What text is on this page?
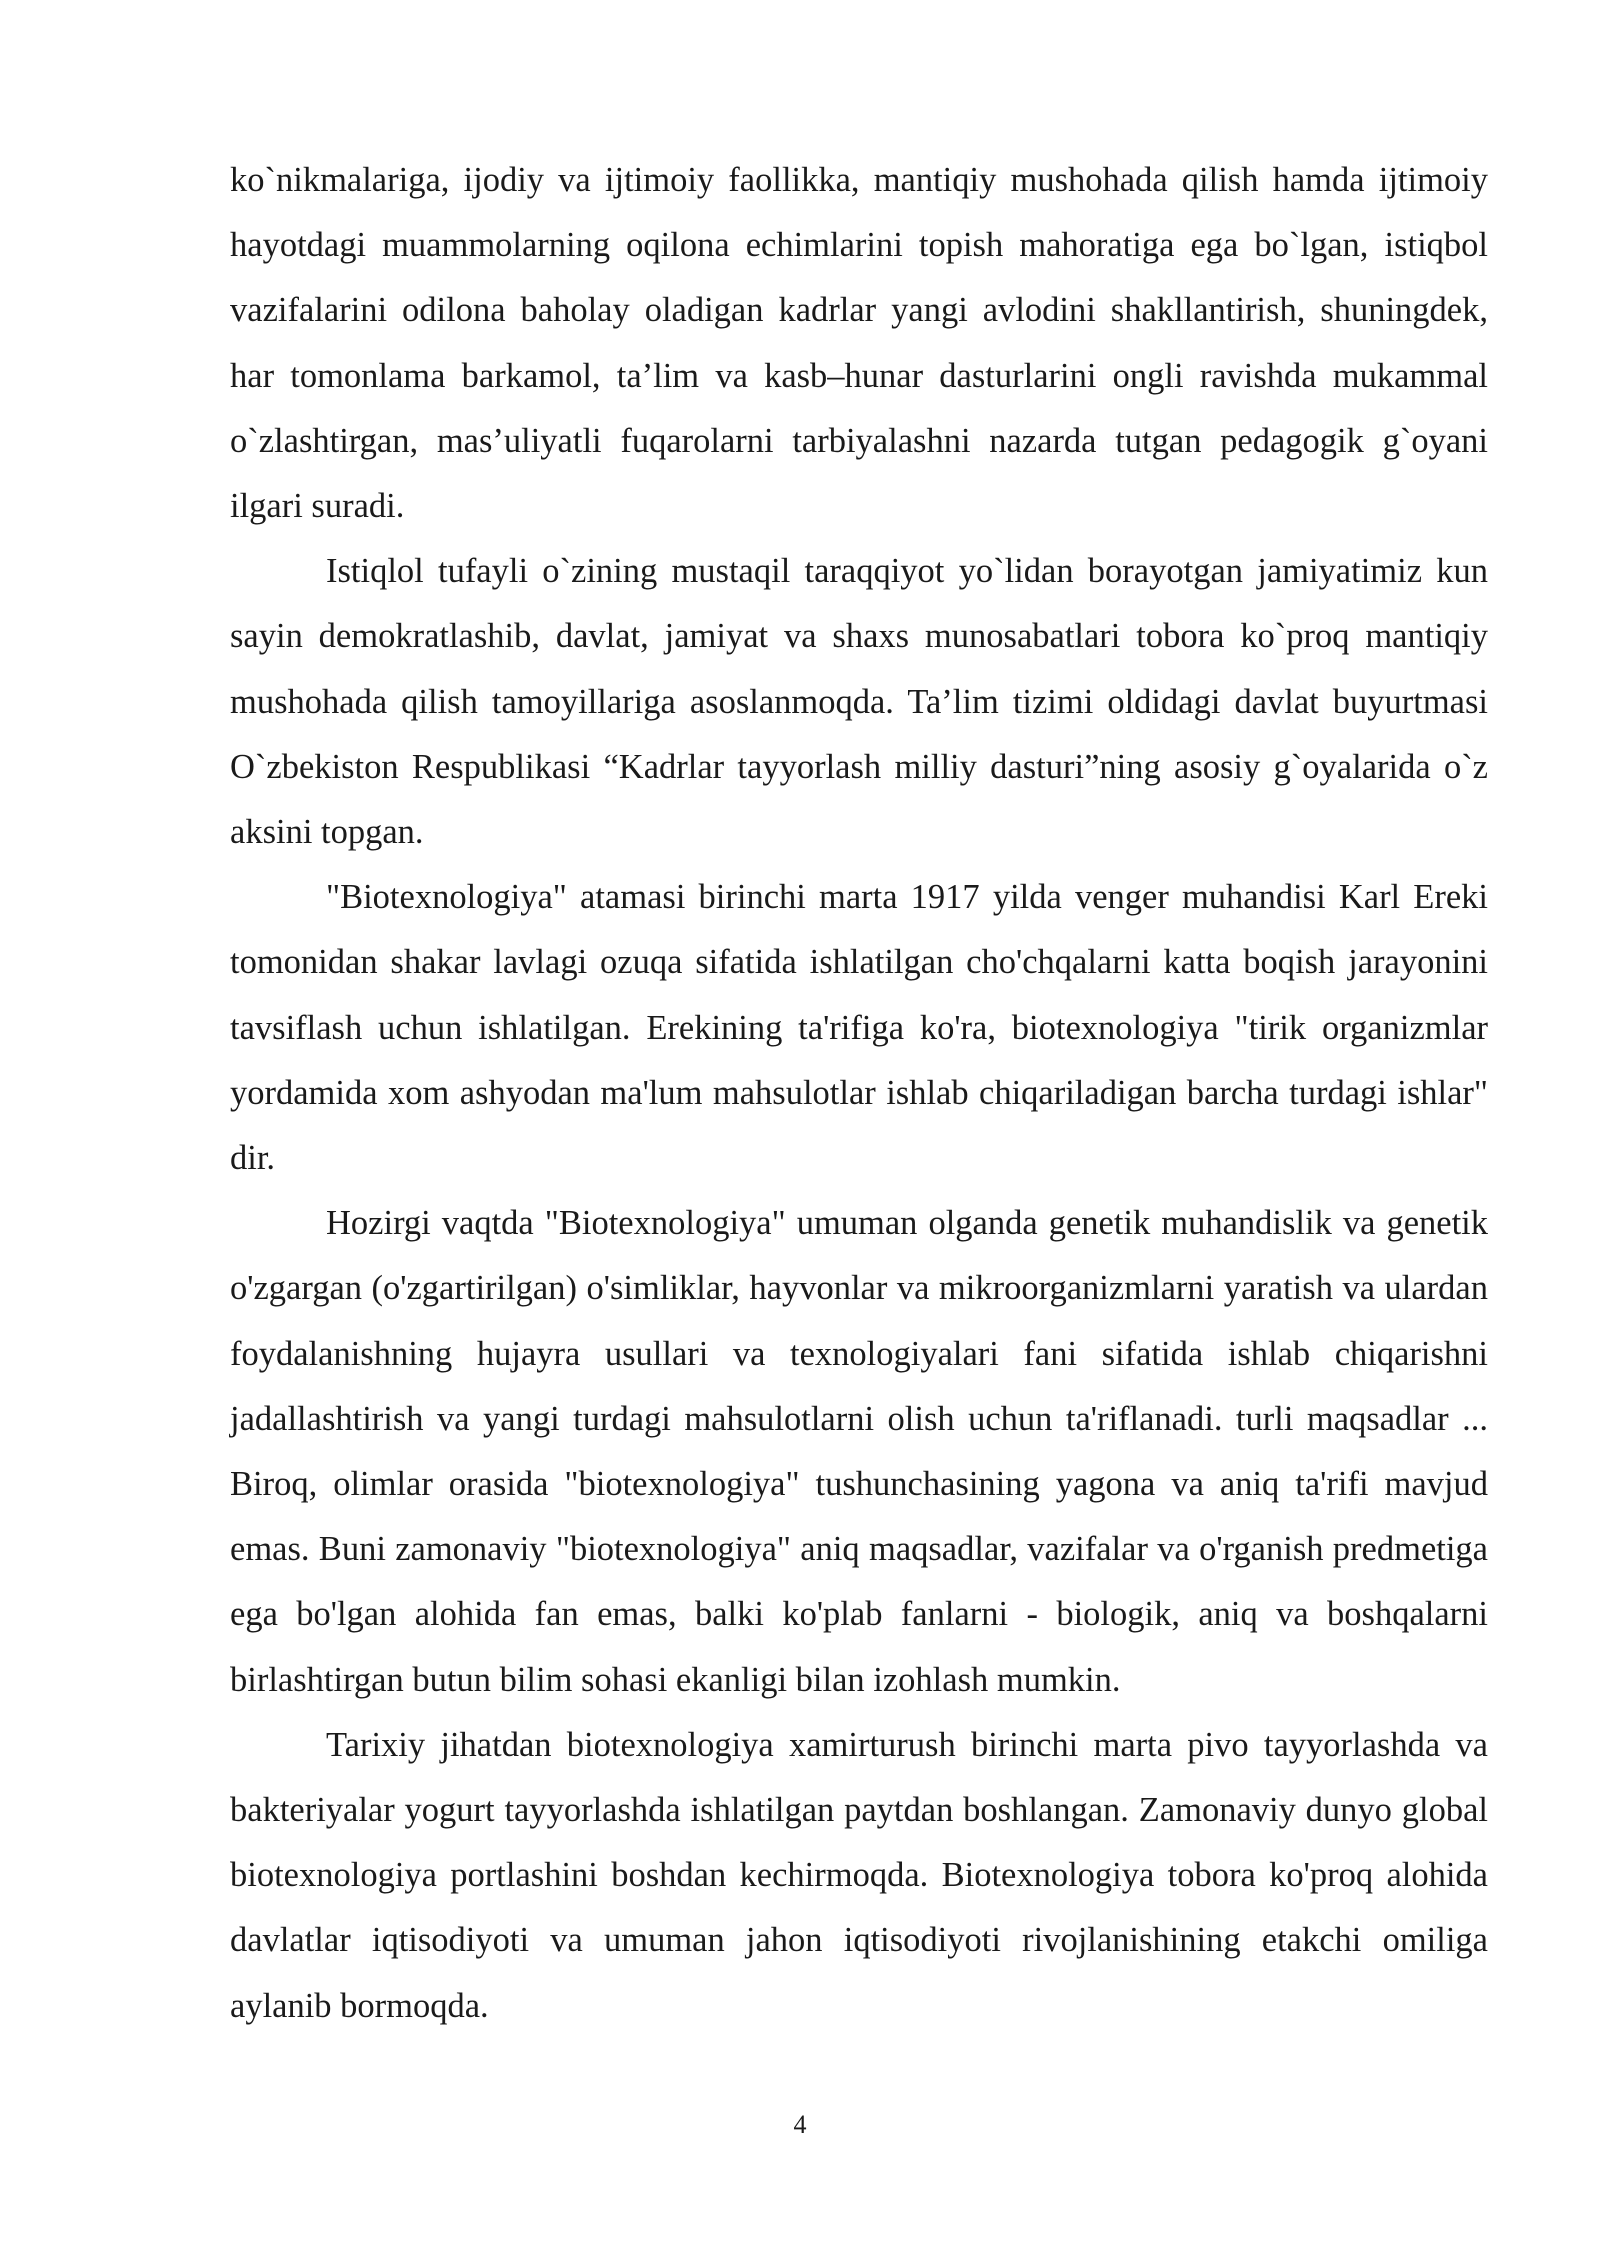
ko`nikmalariga, ijodiy va ijtimoiy faollikka, mantiqiy mushohada qilish hamda ijtimoiy hayotdagi muammolarning oqilona echimlarini topish mahoratiga ega bo`lgan, istiqbol vazifalarini odilona baholay oladigan kadrlar yangi avlodini shakllantirish, shuningdek, har tomonlama barkamol, ta’lim va kasb–hunar dasturlarini ongli ravishda mukammal o`zlashtirgan, mas’uliyatli fuqarolarni tarbiyalashni nazarda tutgan pedagogik g`oyani ilgari suradi.

Istiqlol tufayli o`zining mustaqil taraqqiyot yo`lidan borayotgan jamiyatimiz kun sayin demokratlashib, davlat, jamiyat va shaxs munosabatlari tobora ko`proq mantiqiy mushohada qilish tamoyillariga asoslanmoqda. Ta’lim tizimi oldidagi davlat buyurtmasi O`zbekiston Respublikasi “Kadrlar tayyorlash milliy dasturi”ning asosiy g`oyalarida o`z aksini topgan.

"Biotexnologiya" atamasi birinchi marta 1917 yilda venger muhandisi Karl Ereki tomonidan shakar lavlagi ozuqa sifatida ishlatilgan cho'chqalarni katta boqish jarayonini tavsiflash uchun ishlatilgan. Erekining ta'rifiga ko'ra, biotexnologiya "tirik organizmlar yordamida xom ashyodan ma'lum mahsulotlar ishlab chiqariladigan barcha turdagi ishlar" dir.

Hozirgi vaqtda "Biotexnologiya" umuman olganda genetik muhandislik va genetik o'zgargan (o'zgartirilgan) o'simliklar, hayvonlar va mikroorganizmlarni yaratish va ulardan foydalanishning hujayra usullari va texnologiyalari fani sifatida ishlab chiqarishni jadallashtirish va yangi turdagi mahsulotlarni olish uchun ta'riflanadi. turli maqsadlar ... Biroq, olimlar orasida "biotexnologiya" tushunchasining yagona va aniq ta'rifi mavjud emas. Buni zamonaviy "biotexnologiya" aniq maqsadlar, vazifalar va o'rganish predmetiga ega bo'lgan alohida fan emas, balki ko'plab fanlarni - biologik, aniq va boshqalarni birlashtirgan butun bilim sohasi ekanligi bilan izohlash mumkin.

Tarixiy jihatdan biotexnologiya xamirturush birinchi marta pivo tayyorlashda va bakteriyalar yogurt tayyorlashda ishlatilgan paytdan boshlangan. Zamonaviy dunyo global biotexnologiya portlashini boshdan kechirmoqda. Biotexnologiya tobora ko'proq alohida davlatlar iqtisodiyoti va umuman jahon iqtisodiyoti rivojlanishining etakchi omiliga aylanib bormoqda.

4
